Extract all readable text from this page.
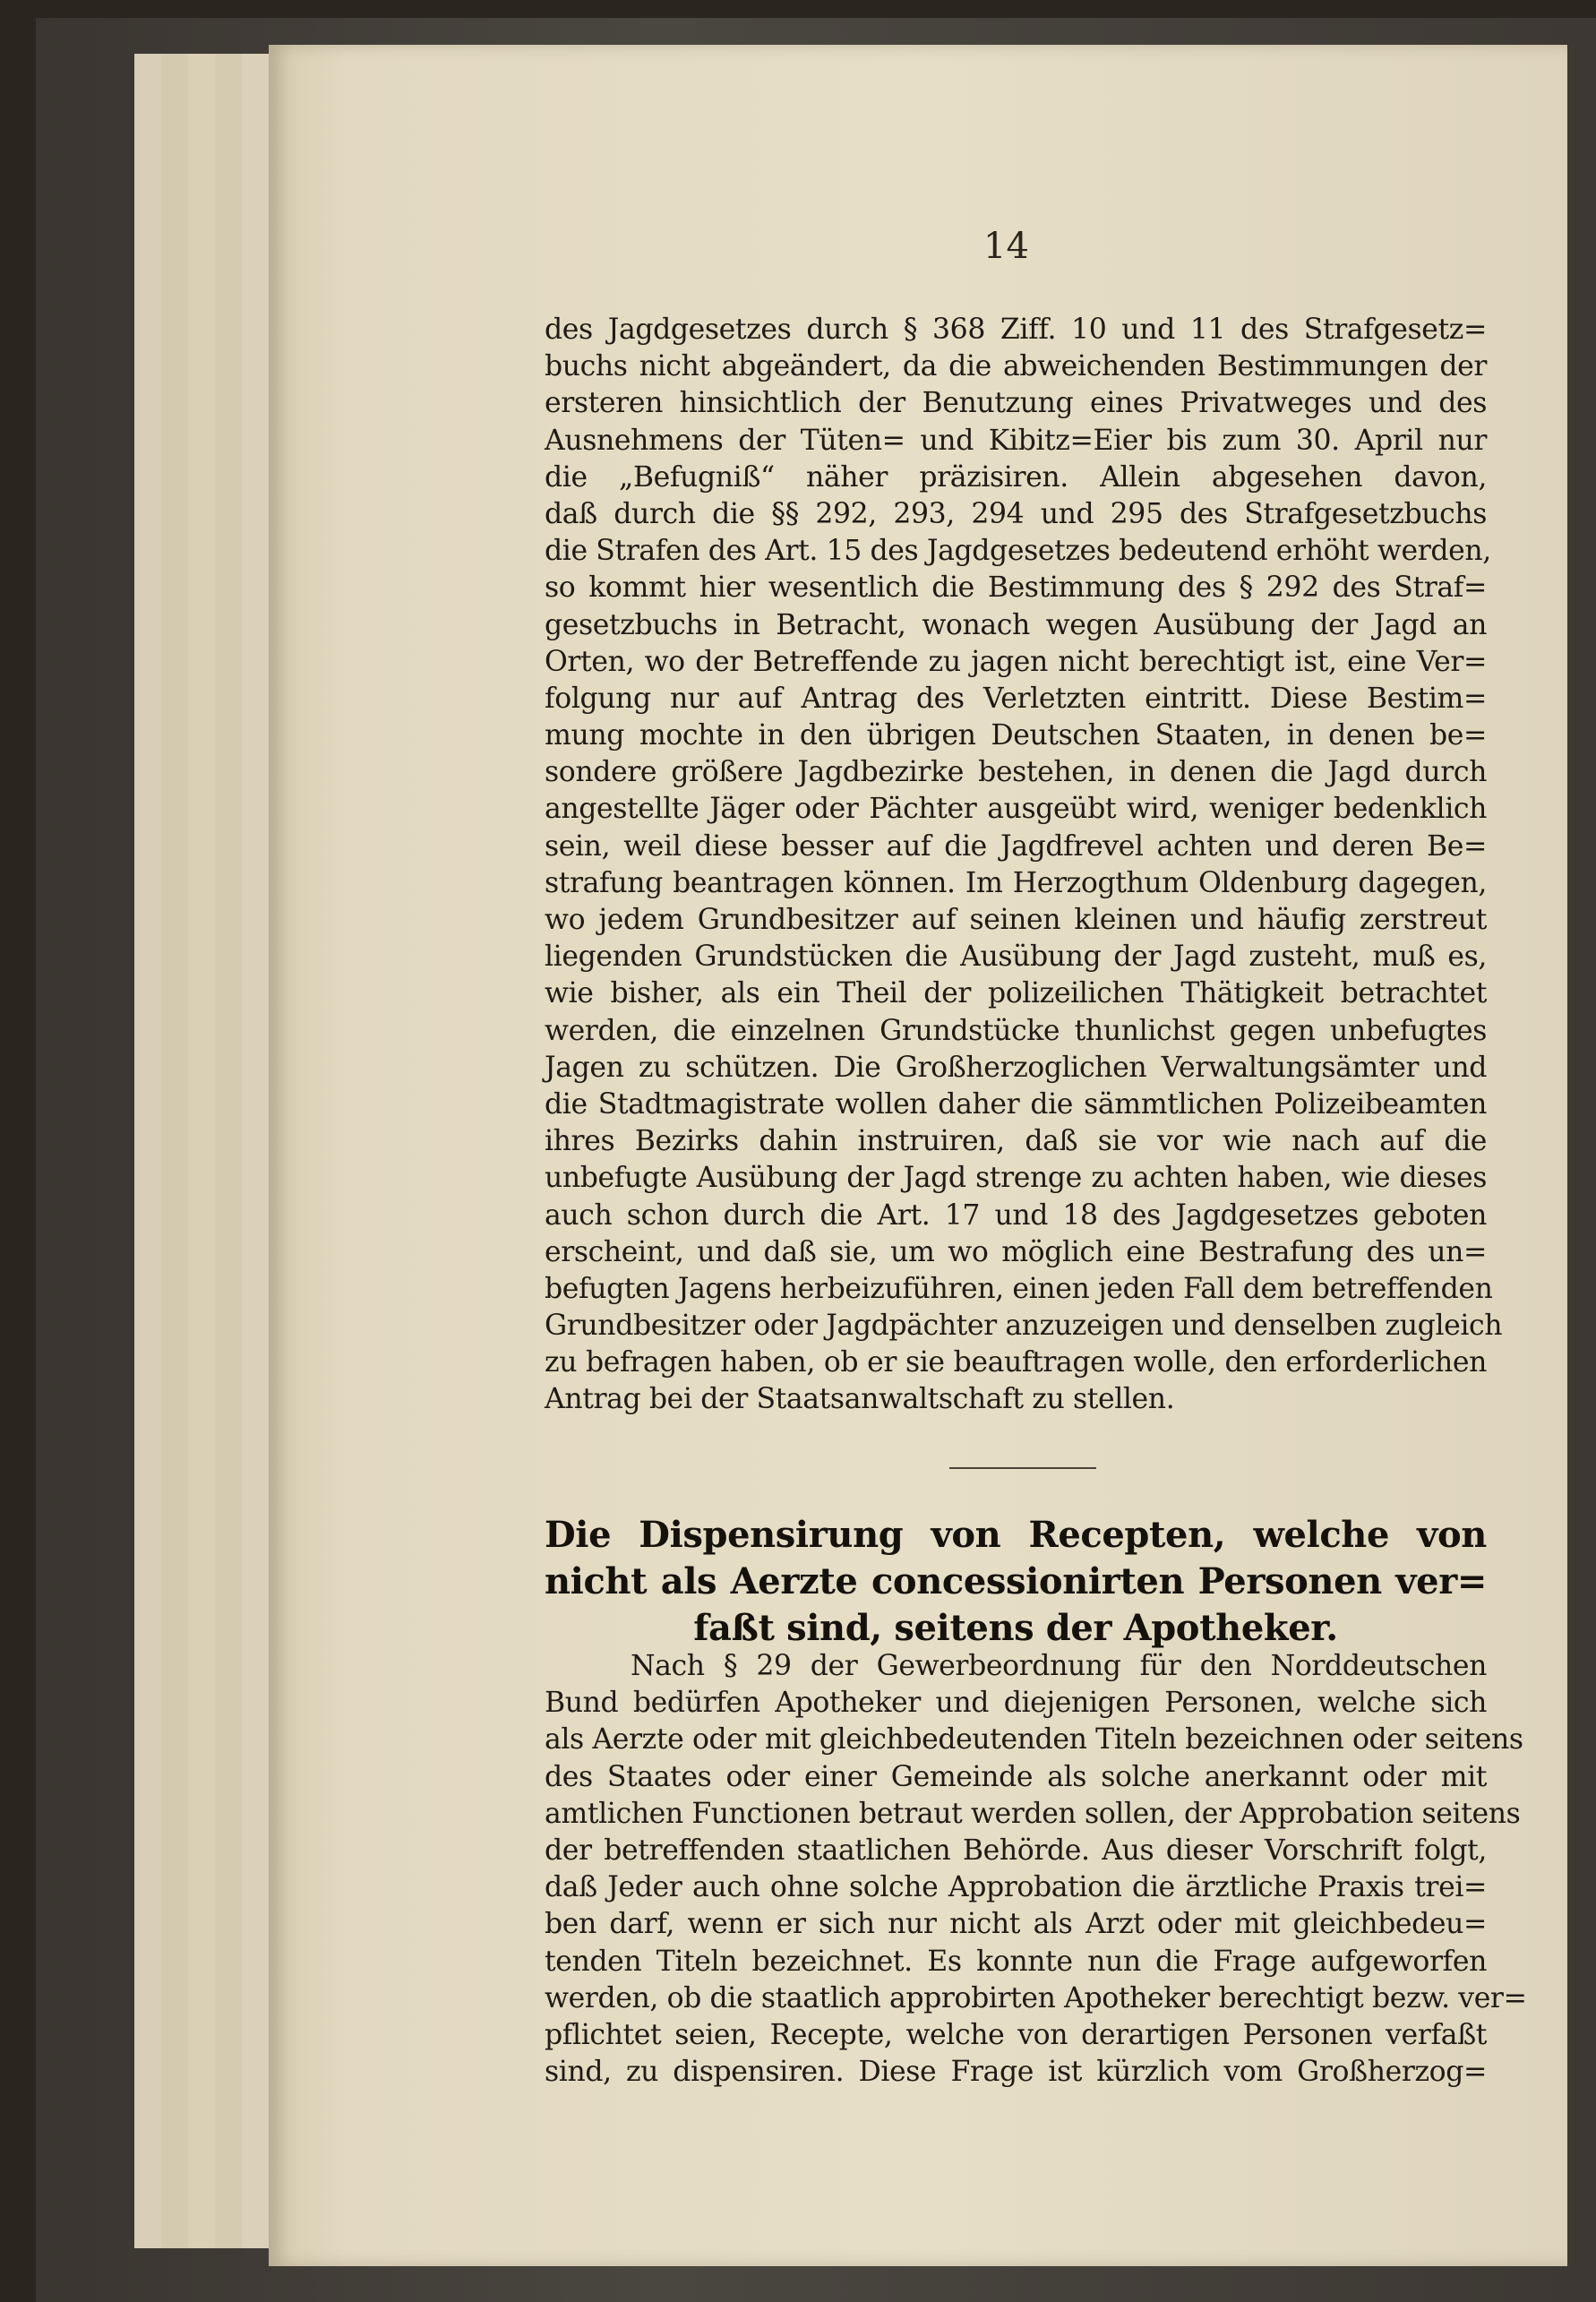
14
des Jagdgesetzes durch § 368 Ziff. 10 und 11 des Strafgesetz=
buchs nicht abgeändert, da die abweichenden Bestimmungen der
ersteren hinsichtlich der Benutzung eines Privatweges und des
Ausnehmens der Tüten= und Kibitz=Eier bis zum 30. April nur
die „Befugniß“ näher präzisiren. Allein abgesehen davon,
daß durch die §§ 292, 293, 294 und 295 des Strafgesetzbuchs
die Strafen des Art. 15 des Jagdgesetzes bedeutend erhöht werden,
so kommt hier wesentlich die Bestimmung des § 292 des Straf=
gesetzbuchs in Betracht, wonach wegen Ausübung der Jagd an
Orten, wo der Betreffende zu jagen nicht berechtigt ist, eine Ver=
folgung nur auf Antrag des Verletzten eintritt. Diese Bestim=
mung mochte in den übrigen Deutschen Staaten, in denen be=
sondere größere Jagdbezirke bestehen, in denen die Jagd durch
angestellte Jäger oder Pächter ausgeübt wird, weniger bedenklich
sein, weil diese besser auf die Jagdfrevel achten und deren Be=
strafung beantragen können. Im Herzogthum Oldenburg dagegen,
wo jedem Grundbesitzer auf seinen kleinen und häufig zerstreut
liegenden Grundstücken die Ausübung der Jagd zusteht, muß es,
wie bisher, als ein Theil der polizeilichen Thätigkeit betrachtet
werden, die einzelnen Grundstücke thunlichst gegen unbefugtes
Jagen zu schützen. Die Großherzoglichen Verwaltungsämter und
die Stadtmagistrate wollen daher die sämmtlichen Polizeibeamten
ihres Bezirks dahin instruiren, daß sie vor wie nach auf die
unbefugte Ausübung der Jagd strenge zu achten haben, wie dieses
auch schon durch die Art. 17 und 18 des Jagdgesetzes geboten
erscheint, und daß sie, um wo möglich eine Bestrafung des un=
befugten Jagens herbeizuführen, einen jeden Fall dem betreffenden
Grundbesitzer oder Jagdpächter anzuzeigen und denselben zugleich
zu befragen haben, ob er sie beauftragen wolle, den erforderlichen
Antrag bei der Staatsanwaltschaft zu stellen.
Die Dispensirung von Recepten, welche von
nicht als Aerzte concessionirten Personen ver=
faßt sind, seitens der Apotheker.
Nach § 29 der Gewerbeordnung für den Norddeutschen
Bund bedürfen Apotheker und diejenigen Personen, welche sich
als Aerzte oder mit gleichbedeutenden Titeln bezeichnen oder seitens
des Staates oder einer Gemeinde als solche anerkannt oder mit
amtlichen Functionen betraut werden sollen, der Approbation seitens
der betreffenden staatlichen Behörde. Aus dieser Vorschrift folgt,
daß Jeder auch ohne solche Approbation die ärztliche Praxis trei=
ben darf, wenn er sich nur nicht als Arzt oder mit gleichbedeu=
tenden Titeln bezeichnet. Es konnte nun die Frage aufgeworfen
werden, ob die staatlich approbirten Apotheker berechtigt bezw. ver=
pflichtet seien, Recepte, welche von derartigen Personen verfaßt
sind, zu dispensiren. Diese Frage ist kürzlich vom Großherzog=
